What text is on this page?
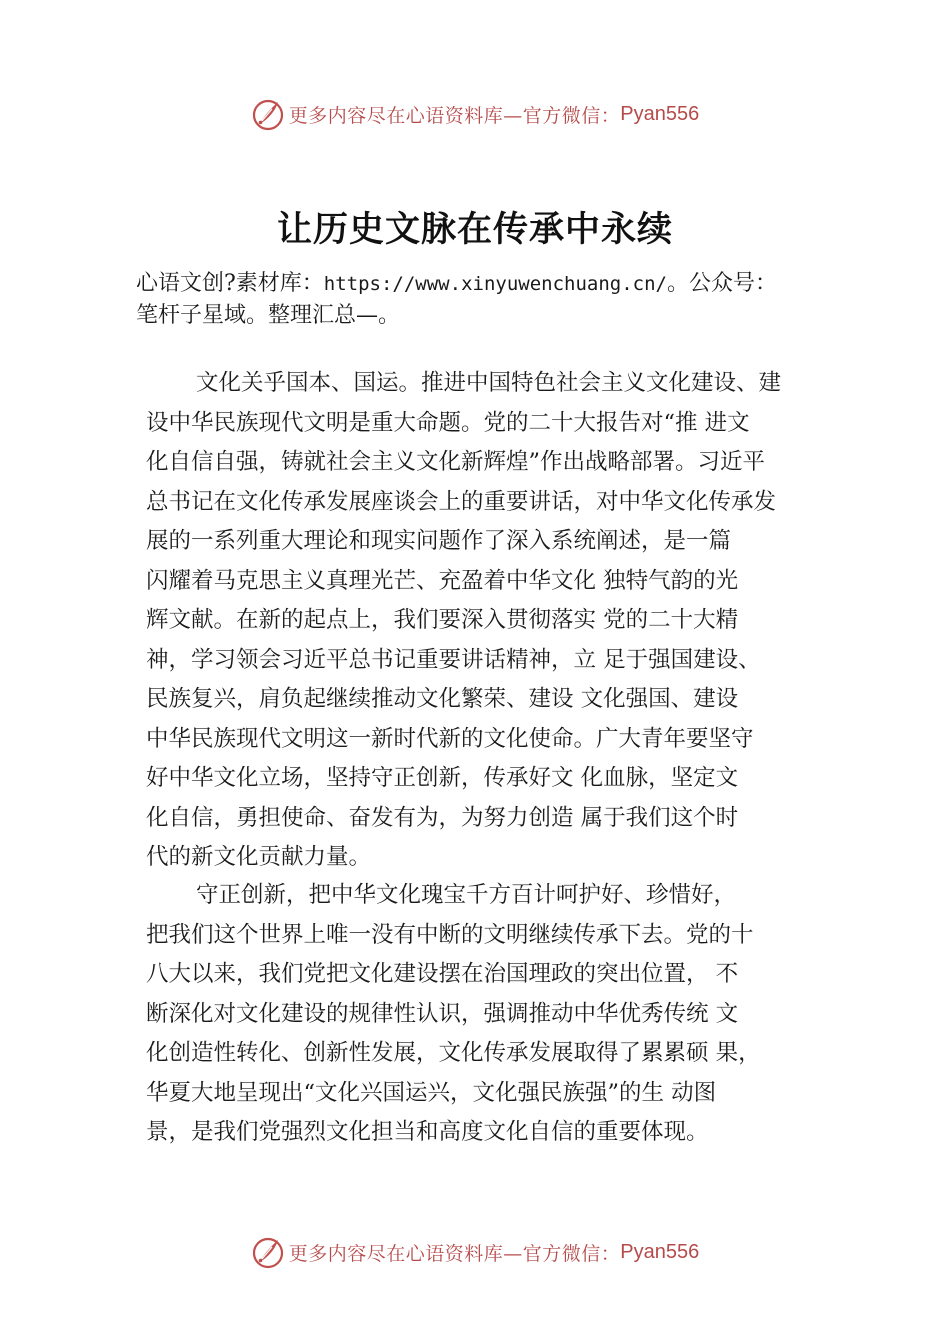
更多内容尽在心语资料库—官方微信： Pyan556
让历史文脉在传承中永续
心语文创?素材库：https://www.xinyuwenchuang.cn/。公众号：
笔杆子星域。整理汇总—。
文化关乎国本、国运。推进中国特色社会主义文化建设、建
设中华民族现代文明是重大命题。党的二十大报告对“推 进文
化自信自强，铸就社会主义文化新辉煌”作出战略部署。习近平
总书记在文化传承发展座谈会上的重要讲话，对中华文化传承发
展的一系列重大理论和现实问题作了深入系统阐述，是一篇
闪耀着马克思主义真理光芒、充盈着中华文化 独特气韵的光
辉文献。在新的起点上，我们要深入贯彻落实 党的二十大精
神，学习领会习近平总书记重要讲话精神，立 足于强国建设、
民族复兴，肩负起继续推动文化繁荣、建设 文化强国、建设
中华民族现代文明这一新时代新的文化使命。广大青年要坚守
好中华文化立场，坚持守正创新，传承好文 化血脉，坚定文
化自信，勇担使命、奋发有为，为努力创造 属于我们这个时
代的新文化贡献力量。
守正创新，把中华文化瑰宝千方百计呵护好、珍惜好，
把我们这个世界上唯一没有中断的文明继续传承下去。党的十
八大以来，我们党把文化建设摆在治国理政的突出位置， 不
断深化对文化建设的规律性认识，强调推动中华优秀传统 文
化创造性转化、创新性发展，文化传承发展取得了累累硕 果，
华夏大地呈现出“文化兴国运兴，文化强民族强”的生 动图
景，是我们党强烈文化担当和高度文化自信的重要体现。
更多内容尽在心语资料库—官方微信： Pyan556
